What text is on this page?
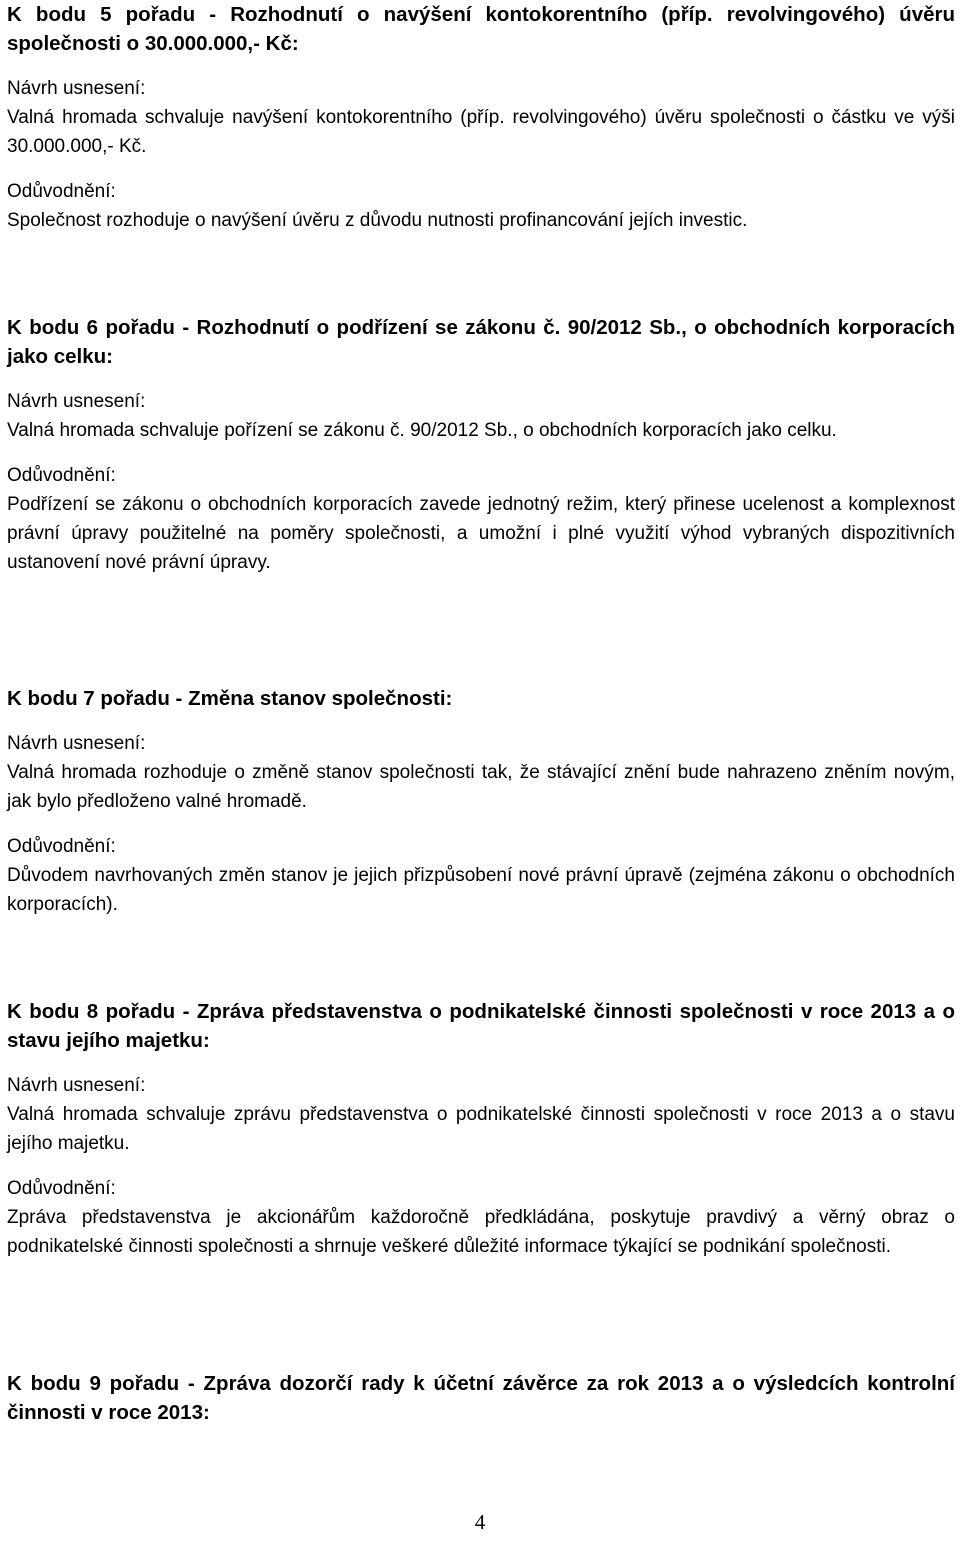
K bodu 5 pořadu - Rozhodnutí o navýšení kontokorentního (příp. revolvingového) úvěru společnosti o 30.000.000,- Kč:

Návrh usnesení:

Valná hromada schvaluje navýšení kontokorentního (příp. revolvingového) úvěru společnosti o částku ve výši 30.000.000,- Kč.

Odůvodnění:

Společnost rozhoduje o navýšení úvěru z důvodu nutnosti profinancování jejích investic.

K bodu 6 pořadu - Rozhodnutí o podřízení se zákonu č. 90/2012 Sb., o obchodních korporacích jako celku:

Návrh usnesení:

Valná hromada schvaluje pořízení se zákonu č. 90/2012 Sb., o obchodních korporacích jako celku.

Odůvodnění:

Podřízení se zákonu o obchodních korporacích zavede jednotný režim, který přinese ucelenost a komplexnost právní úpravy použitelné na poměry společnosti, a umožní i plné využití výhod vybraných dispozitivních ustanovení nové právní úpravy.

K bodu 7 pořadu - Změna stanov společnosti:

Návrh usnesení:

Valná hromada rozhoduje o změně stanov společnosti tak, že stávající znění bude nahrazeno zněním novým, jak bylo předloženo valné hromadě.

Odůvodnění:

Důvodem navrhovaných změn stanov je jejich přizpůsobení nové právní úpravě (zejména zákonu o obchodních korporacích).

K bodu 8 pořadu - Zpráva představenstva o podnikatelské činnosti společnosti v roce 2013 a o stavu jejího majetku:

Návrh usnesení:

Valná hromada schvaluje zprávu představenstva o podnikatelské činnosti společnosti v roce 2013 a o stavu jejího majetku.

Odůvodnění:

Zpráva představenstva je akcionářům každoročně předkládána, poskytuje pravdivý a věrný obraz o podnikatelské činnosti společnosti a shrnuje veškeré důležité informace týkající se podnikání společnosti.

K bodu 9 pořadu - Zpráva dozorčí rady k účetní závěrce za rok 2013 a o výsledcích kontrolní činnosti v roce 2013:

4
